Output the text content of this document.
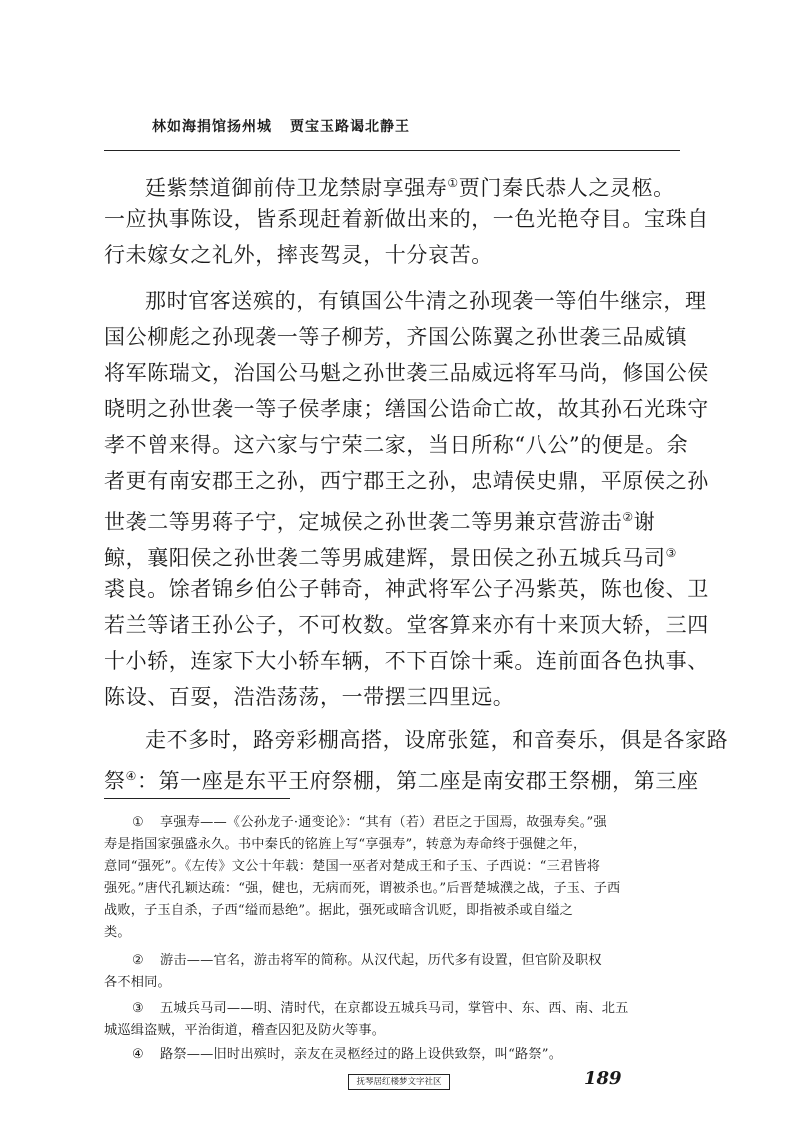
林如海捐馆扬州城 贾宝玉路谒北静王
廷紫禁道御前侍卫龙禁尉享强寿①贾门秦氏恭人之灵柩。
一应执事陈设，皆系现赶着新做出来的，一色光艳夺目。宝珠自
行未嫁女之礼外，摔丧驾灵，十分哀苦。
那时官客送殡的，有镇国公牛清之孙现袭一等伯牛继宗，理
国公柳彪之孙现袭一等子柳芳，齐国公陈翼之孙世袭三品威镇
将军陈瑞文，治国公马魁之孙世袭三品威远将军马尚，修国公侯
晓明之孙世袭一等子侯孝康；缮国公诰命亡故，故其孙石光珠守
孝不曾来得。这六家与宁荣二家，当日所称“八公”的便是。余
者更有南安郡王之孙，西宁郡王之孙，忠靖侯史鼎，平原侯之孙
世袭二等男蒋子宁，定城侯之孙世袭二等男兼京营游击②谢
鲸，襄阳侯之孙世袭二等男戚建辉，景田侯之孙五城兵马司③
裘良。馀者锦乡伯公子韩奇，神武将军公子冯紫英，陈也俊、卫
若兰等诸王孙公子，不可枚数。堂客算来亦有十来顶大轿，三四
十小轿，连家下大小轿车辆，不下百馀十乘。连前面各色执事、
陈设、百耍，浩浩荡荡，一带摆三四里远。
走不多时，路旁彩棚高搭，设席张筵，和音奏乐，俱是各家路
祭④：第一座是东平王府祭棚，第二座是南安郡王祭棚，第三座
① 享强寿——《公孙龙子·通变论》：“其有（若）君臣之于国焉，故强寿矣。”强
寿是指国家强盛永久。书中秦氏的铭旌上写“享强寿”，转意为寿命终于强健之年，
意同“强死”。《左传》文公十年载：楚国一巫者对楚成王和子玉、子西说：“三君皆将
强死。”唐代孔颖达疏：“强，健也，无病而死，谓被杀也。”后晋楚城濮之战，子玉、子西
战败，子玉自杀，子西“缢而悬绝”。据此，强死或暗含讥贬，即指被杀或自缢之
类。
② 游击——官名，游击将军的简称。从汉代起，历代多有设置，但官阶及职权
各不相同。
③ 五城兵马司——明、清时代，在京都设五城兵马司，掌管中、东、西、南、北五
城巡缉盗贼，平治街道，稽查囚犯及防火等事。
④ 路祭——旧时出殡时，亲友在灵柩经过的路上设供致祭，叫“路祭”。
抚琴居红楼梦文字社区	189
